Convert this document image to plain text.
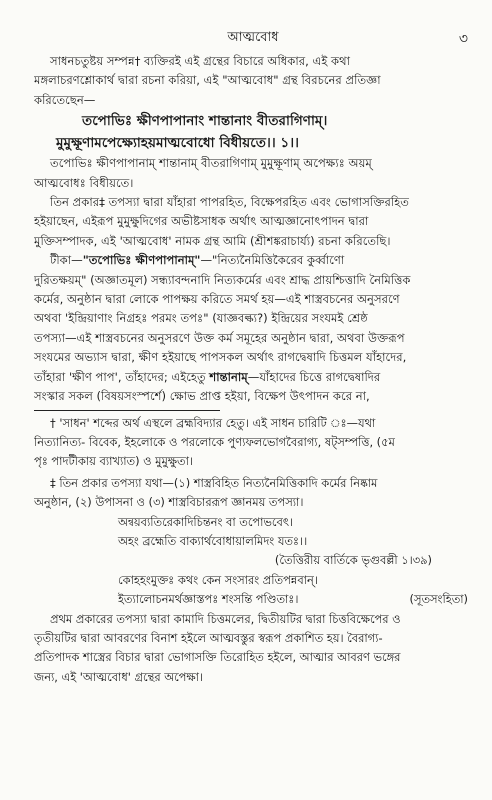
আত্মবোধ	৩

সাধনচতুষ্টয় সম্পন্ন† ব্যক্তিরই এই গ্রন্থের বিচারে অধিকার, এই কথা

মঙ্গলাচরণশ্লোকার্থ দ্বারা রচনা করিয়া, এই "আত্মবোধ" গ্রন্থ বিরচনের প্রতিজ্ঞা

করিতেছেন—

তপোভিঃ ক্ষীণপাপানাং শান্তানাং বীতরাগিণাম্।

মুমুক্ষূণামপেক্ষ্যোহয়মাত্মবোধো বিধীয়তে।। ১।।

তপোভিঃ ক্ষীণপাপানাম্ শান্তানাম্ বীতরাগিণাম্ মুমুক্ষূণাম্ অপেক্ষ্যঃ অয়ম্

আত্মবোধঃ বিধীয়তে।

তিন প্রকার‡ তপস্যা দ্বারা যাঁহারা পাপরহিত, বিক্ষেপরহিত এবং ভোগাসক্তিরহিত

হইয়াছেন, এইরূপ মুমুক্ষুদিগের অভীষ্টসাধক অর্থাৎ আত্মজ্ঞানোৎপাদন দ্বারা

মুক্তিসম্পাদক, এই 'আত্মবোধ' নামক গ্রন্থ আমি (শ্রীশঙ্করাচার্য্য) রচনা করিতেছি।

টীকা—"তপোভিঃ ক্ষীণপাপানাম্"—"নিত্যনৈমিত্তিকৈরেব কুর্ব্বাণো

দুরিতক্ষয়ম্" (অজ্ঞাতমূল) সন্ধ্যাবন্দনাদি নিত্যকর্মের এবং শ্রাদ্ধ প্রায়শ্চিত্তাদি নৈমিত্তিক

কর্মের, অনুষ্ঠান দ্বারা লোকে পাপক্ষয় করিতে সমর্থ হয়—এই শাস্ত্রবচনের অনুসরণে

অথবা 'ইন্দ্রিয়াণাং নিগ্রহঃ পরমং তপঃ" (যাজ্ঞবল্ক্য?) ইন্দ্রিয়ের সংযমই শ্রেষ্ঠ

তপস্যা—এই শাস্ত্রবচনের অনুসরণে উক্ত কর্ম সমূহের অনুষ্ঠান দ্বারা, অথবা উক্তরূপ

সংযমের অভ্যাস দ্বারা, ক্ষীণ হইয়াছে পাপসকল অর্থাৎ রাগদ্বেষাদি চিত্তমল যাঁহাদের,

তাঁহারা 'ক্ষীণ পাপ', তাঁহাদের; এইহেতু শান্তানাম্—যাঁহাদের চিত্তে রাগদ্বেষাদির

সংস্কার সকল (বিষয়সংস্পর্শে) ক্ষোভ প্রাপ্ত হইয়া, বিক্ষেপ উৎপাদন করে না,

† 'সাধন' শব্দের অর্থ এস্থলে ব্রহ্মবিদ্যার হেতু। এই সাধন চারিটি ঃ—যথা

নিত্যানিত্য- বিবেক, ইহলোকে ও পরলোকে পুণ্যফলভোগবৈরাগ্য, ষট্‌সম্পত্তি, (৫ম

পৃঃ পাদটীকায় ব্যাখ্যাত) ও মুমুক্ষুতা।

‡ তিন প্রকার তপস্যা যথা—(১) শাস্ত্রবিহিত নিত্যনৈমিত্তিকাদি কর্মের নিষ্কাম

অনুষ্ঠান, (২) উপাসনা ও (৩) শাস্ত্রবিচাররূপ জ্ঞানময় তপস্যা।

অন্বয়ব্যতিরেকাদিচিন্তনং বা তপোভবেৎ।

অহং ব্রহ্মেতি বাক্যার্থবোধায়ালমিদং যতঃ।।

(তৈত্তিরীয় বার্তিকে ভৃগুবল্লী ১।৩৯)

কোহহংমুক্তঃ কথং কেন সংসারং প্রতিপন্নবান্‌।

ইত্যালোচনমর্থজ্ঞাস্তপঃ শংসন্তি পণ্ডিতাঃ।	(সূতসংহিতা)

প্রথম প্রকারের তপস্যা দ্বারা কামাদি চিত্তমলের, দ্বিতীয়টির দ্বারা চিত্তবিক্ষেপের ও

তৃতীয়টির দ্বারা আবরণের বিনাশ হইলে আত্মবস্তুর স্বরূপ প্রকাশিত হয়। বৈরাগ্য-

প্রতিপাদক শাস্ত্রের বিচার দ্বারা ভোগাসক্তি তিরোহিত হইলে, আত্মার আবরণ ভঙ্গের

জন্য, এই 'আত্মবোধ' গ্রন্থের অপেক্ষা।
